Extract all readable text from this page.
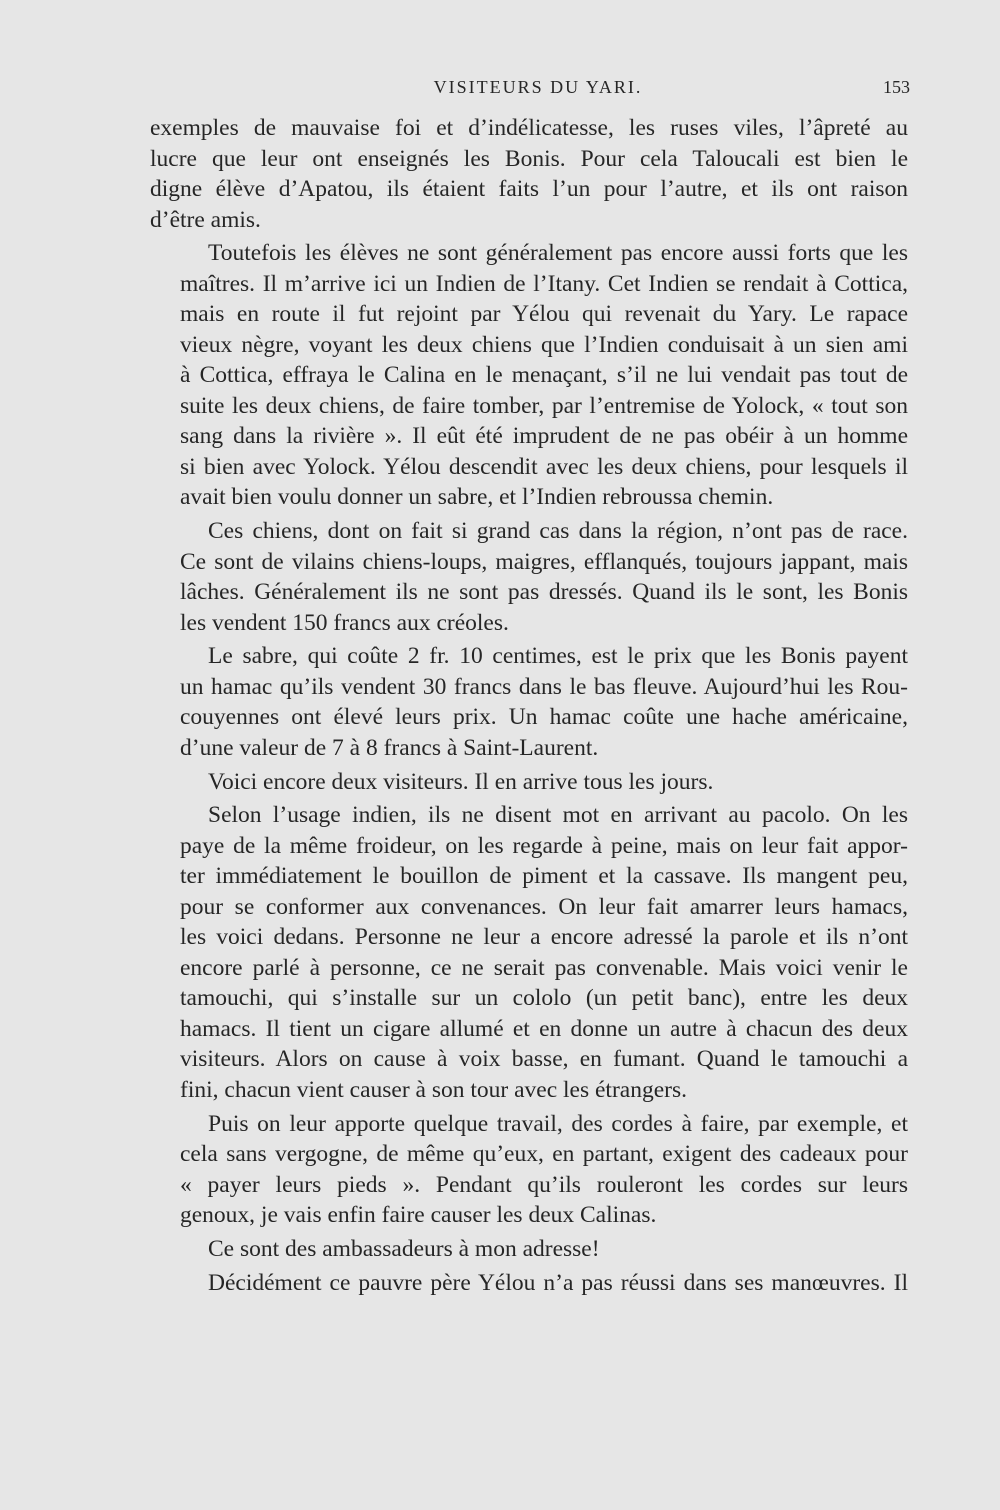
VISITEURS DU YARI.	153
exemples de mauvaise foi et d’indélicatesse, les ruses viles, l’âpreté au
lucre que leur ont enseignés les Bonis. Pour cela Taloucali est bien le
digne élève d’Apatou, ils étaient faits l’un pour l’autre, et ils ont raison
d’être amis.
Toutefois les élèves ne sont généralement pas encore aussi forts que les
maîtres. Il m’arrive ici un Indien de l’Itany. Cet Indien se rendait à Cottica,
mais en route il fut rejoint par Yélou qui revenait du Yary. Le rapace
vieux nègre, voyant les deux chiens que l’Indien conduisait à un sien ami
à Cottica, effraya le Calina en le menaçant, s’il ne lui vendait pas tout de
suite les deux chiens, de faire tomber, par l’entremise de Yolock, « tout son
sang dans la rivière ». Il eût été imprudent de ne pas obéir à un homme
si bien avec Yolock. Yélou descendit avec les deux chiens, pour lesquels il
avait bien voulu donner un sabre, et l’Indien rebroussa chemin.
Ces chiens, dont on fait si grand cas dans la région, n’ont pas de race.
Ce sont de vilains chiens-loups, maigres, efflanqués, toujours jappant, mais
lâches. Généralement ils ne sont pas dressés. Quand ils le sont, les Bonis
les vendent 150 francs aux créoles.
Le sabre, qui coûte 2 fr. 10 centimes, est le prix que les Bonis payent
un hamac qu’ils vendent 30 francs dans le bas fleuve. Aujourd’hui les Rou-
couyennes ont élevé leurs prix. Un hamac coûte une hache américaine,
d’une valeur de 7 à 8 francs à Saint-Laurent.
Voici encore deux visiteurs. Il en arrive tous les jours.
Selon l’usage indien, ils ne disent mot en arrivant au pacolo. On les
paye de la même froideur, on les regarde à peine, mais on leur fait appor-
ter immédiatement le bouillon de piment et la cassave. Ils mangent peu,
pour se conformer aux convenances. On leur fait amarrer leurs hamacs,
les voici dedans. Personne ne leur a encore adressé la parole et ils n’ont
encore parlé à personne, ce ne serait pas convenable. Mais voici venir le
tamouchi, qui s’installe sur un cololo (un petit banc), entre les deux
hamacs. Il tient un cigare allumé et en donne un autre à chacun des deux
visiteurs. Alors on cause à voix basse, en fumant. Quand le tamouchi a
fini, chacun vient causer à son tour avec les étrangers.
Puis on leur apporte quelque travail, des cordes à faire, par exemple, et
cela sans vergogne, de même qu’eux, en partant, exigent des cadeaux pour
« payer leurs pieds ». Pendant qu’ils rouleront les cordes sur leurs
genoux, je vais enfin faire causer les deux Calinas.
Ce sont des ambassadeurs à mon adresse!
Décidément ce pauvre père Yélou n’a pas réussi dans ses manœuvres. Il
